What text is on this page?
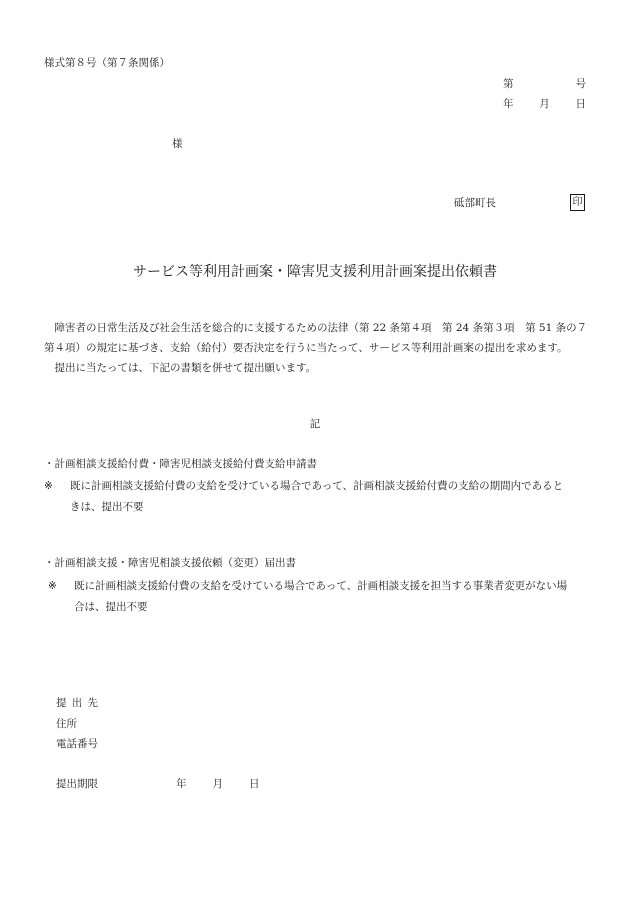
様式第８号（第７条関係）
第	号
年 月 日
様
砥部町長	印
サービス等利用計画案・障害児支援利用計画案提出依頼書

障害者の日常生活及び社会生活を総合的に支援するための法律（第 22 条第４項　第 24 条第３項　第 51 条の７第４項）の規定に基づき、支給（給付）要否決定を行うに当たって、サービス等利用計画案の提出を求めます。

提出に当たっては、下記の書類を併せて提出願います。

記
・計画相談支援給付費・障害児相談支援給付費支給申請書
※	既に計画相談支援給付費の支給を受けている場合であって、計画相談支援給付費の支給の期間内であるときは、提出不要
・計画相談支援・障害児相談支援依頼（変更）届出書
※	既に計画相談支援給付費の支給を受けている場合であって、計画相談支援を担当する事業者変更がない場合は、提出不要
提出先
住所
電話番号
提出期限	年 月 日
